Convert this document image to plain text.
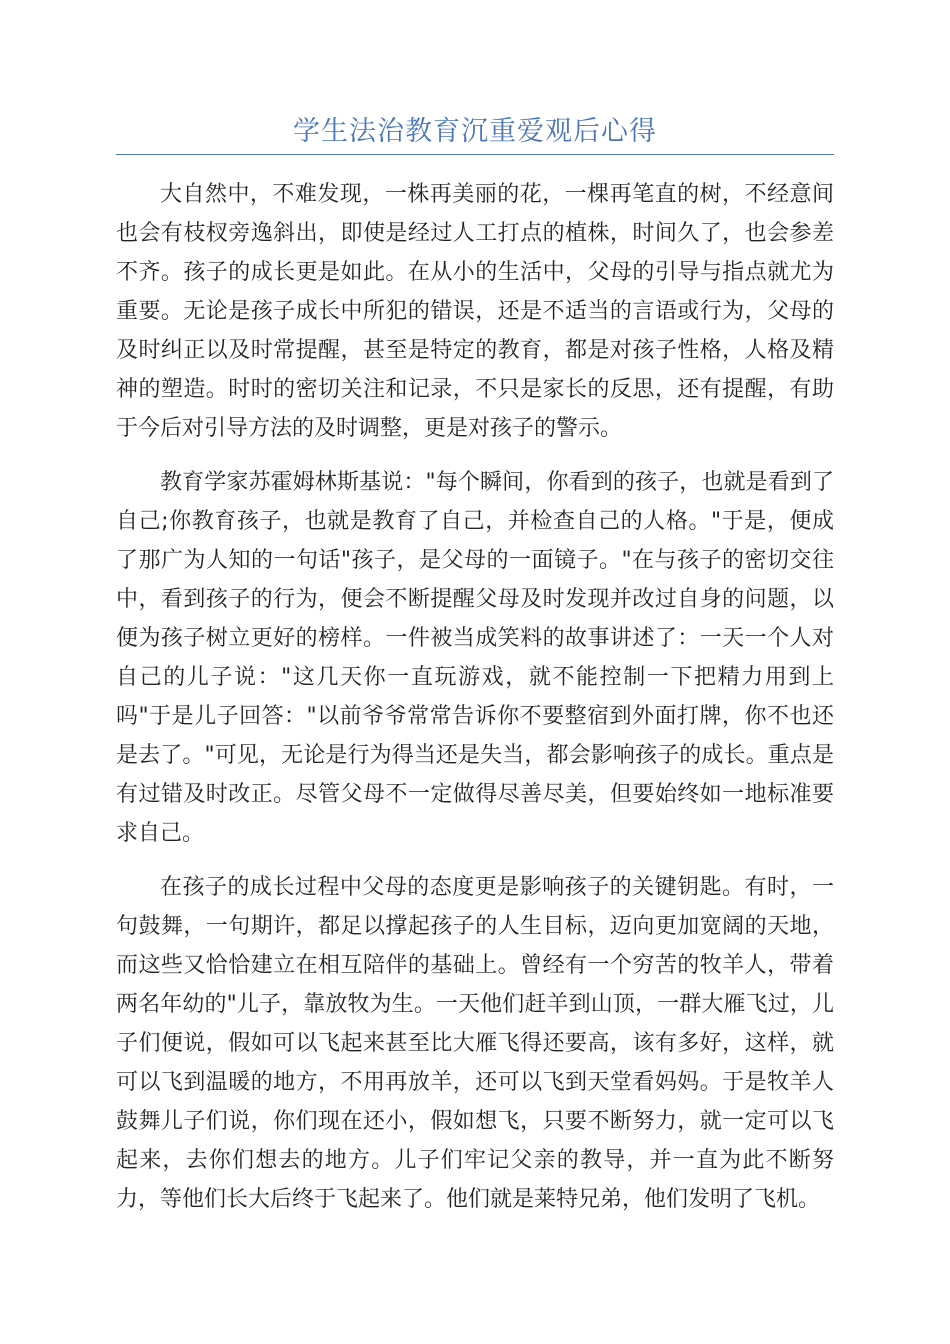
学生法治教育沉重爱观后心得

大自然中，不难发现，一株再美丽的花，一棵再笔直的树，不经意间也会有枝杈旁逸斜出，即使是经过人工打点的植株，时间久了，也会参差不齐。孩子的成长更是如此。在从小的生活中，父母的引导与指点就尤为重要。无论是孩子成长中所犯的错误，还是不适当的言语或行为，父母的及时纠正以及时常提醒，甚至是特定的教育，都是对孩子性格，人格及精神的塑造。时时的密切关注和记录，不只是家长的反思，还有提醒，有助于今后对引导方法的及时调整，更是对孩子的警示。

教育学家苏霍姆林斯基说："每个瞬间，你看到的孩子，也就是看到了自己;你教育孩子，也就是教育了自己，并检查自己的人格。"于是，便成了那广为人知的一句话"孩子，是父母的一面镜子。"在与孩子的密切交往中，看到孩子的行为，便会不断提醒父母及时发现并改过自身的问题，以便为孩子树立更好的榜样。一件被当成笑料的故事讲述了：一天一个人对自己的儿子说："这几天你一直玩游戏，就不能控制一下把精力用到上吗"于是儿子回答："以前爷爷常常告诉你不要整宿到外面打牌，你不也还是去了。"可见，无论是行为得当还是失当，都会影响孩子的成长。重点是有过错及时改正。尽管父母不一定做得尽善尽美，但要始终如一地标准要求自己。

在孩子的成长过程中父母的态度更是影响孩子的关键钥匙。有时，一句鼓舞，一句期许，都足以撑起孩子的人生目标，迈向更加宽阔的天地，而这些又恰恰建立在相互陪伴的基础上。曾经有一个穷苦的牧羊人，带着两名年幼的"儿子，靠放牧为生。一天他们赶羊到山顶，一群大雁飞过，儿子们便说，假如可以飞起来甚至比大雁飞得还要高，该有多好，这样，就可以飞到温暖的地方，不用再放羊，还可以飞到天堂看妈妈。于是牧羊人鼓舞儿子们说，你们现在还小，假如想飞，只要不断努力，就一定可以飞起来，去你们想去的地方。儿子们牢记父亲的教导，并一直为此不断努力，等他们长大后终于飞起来了。他们就是莱特兄弟，他们发明了飞机。
